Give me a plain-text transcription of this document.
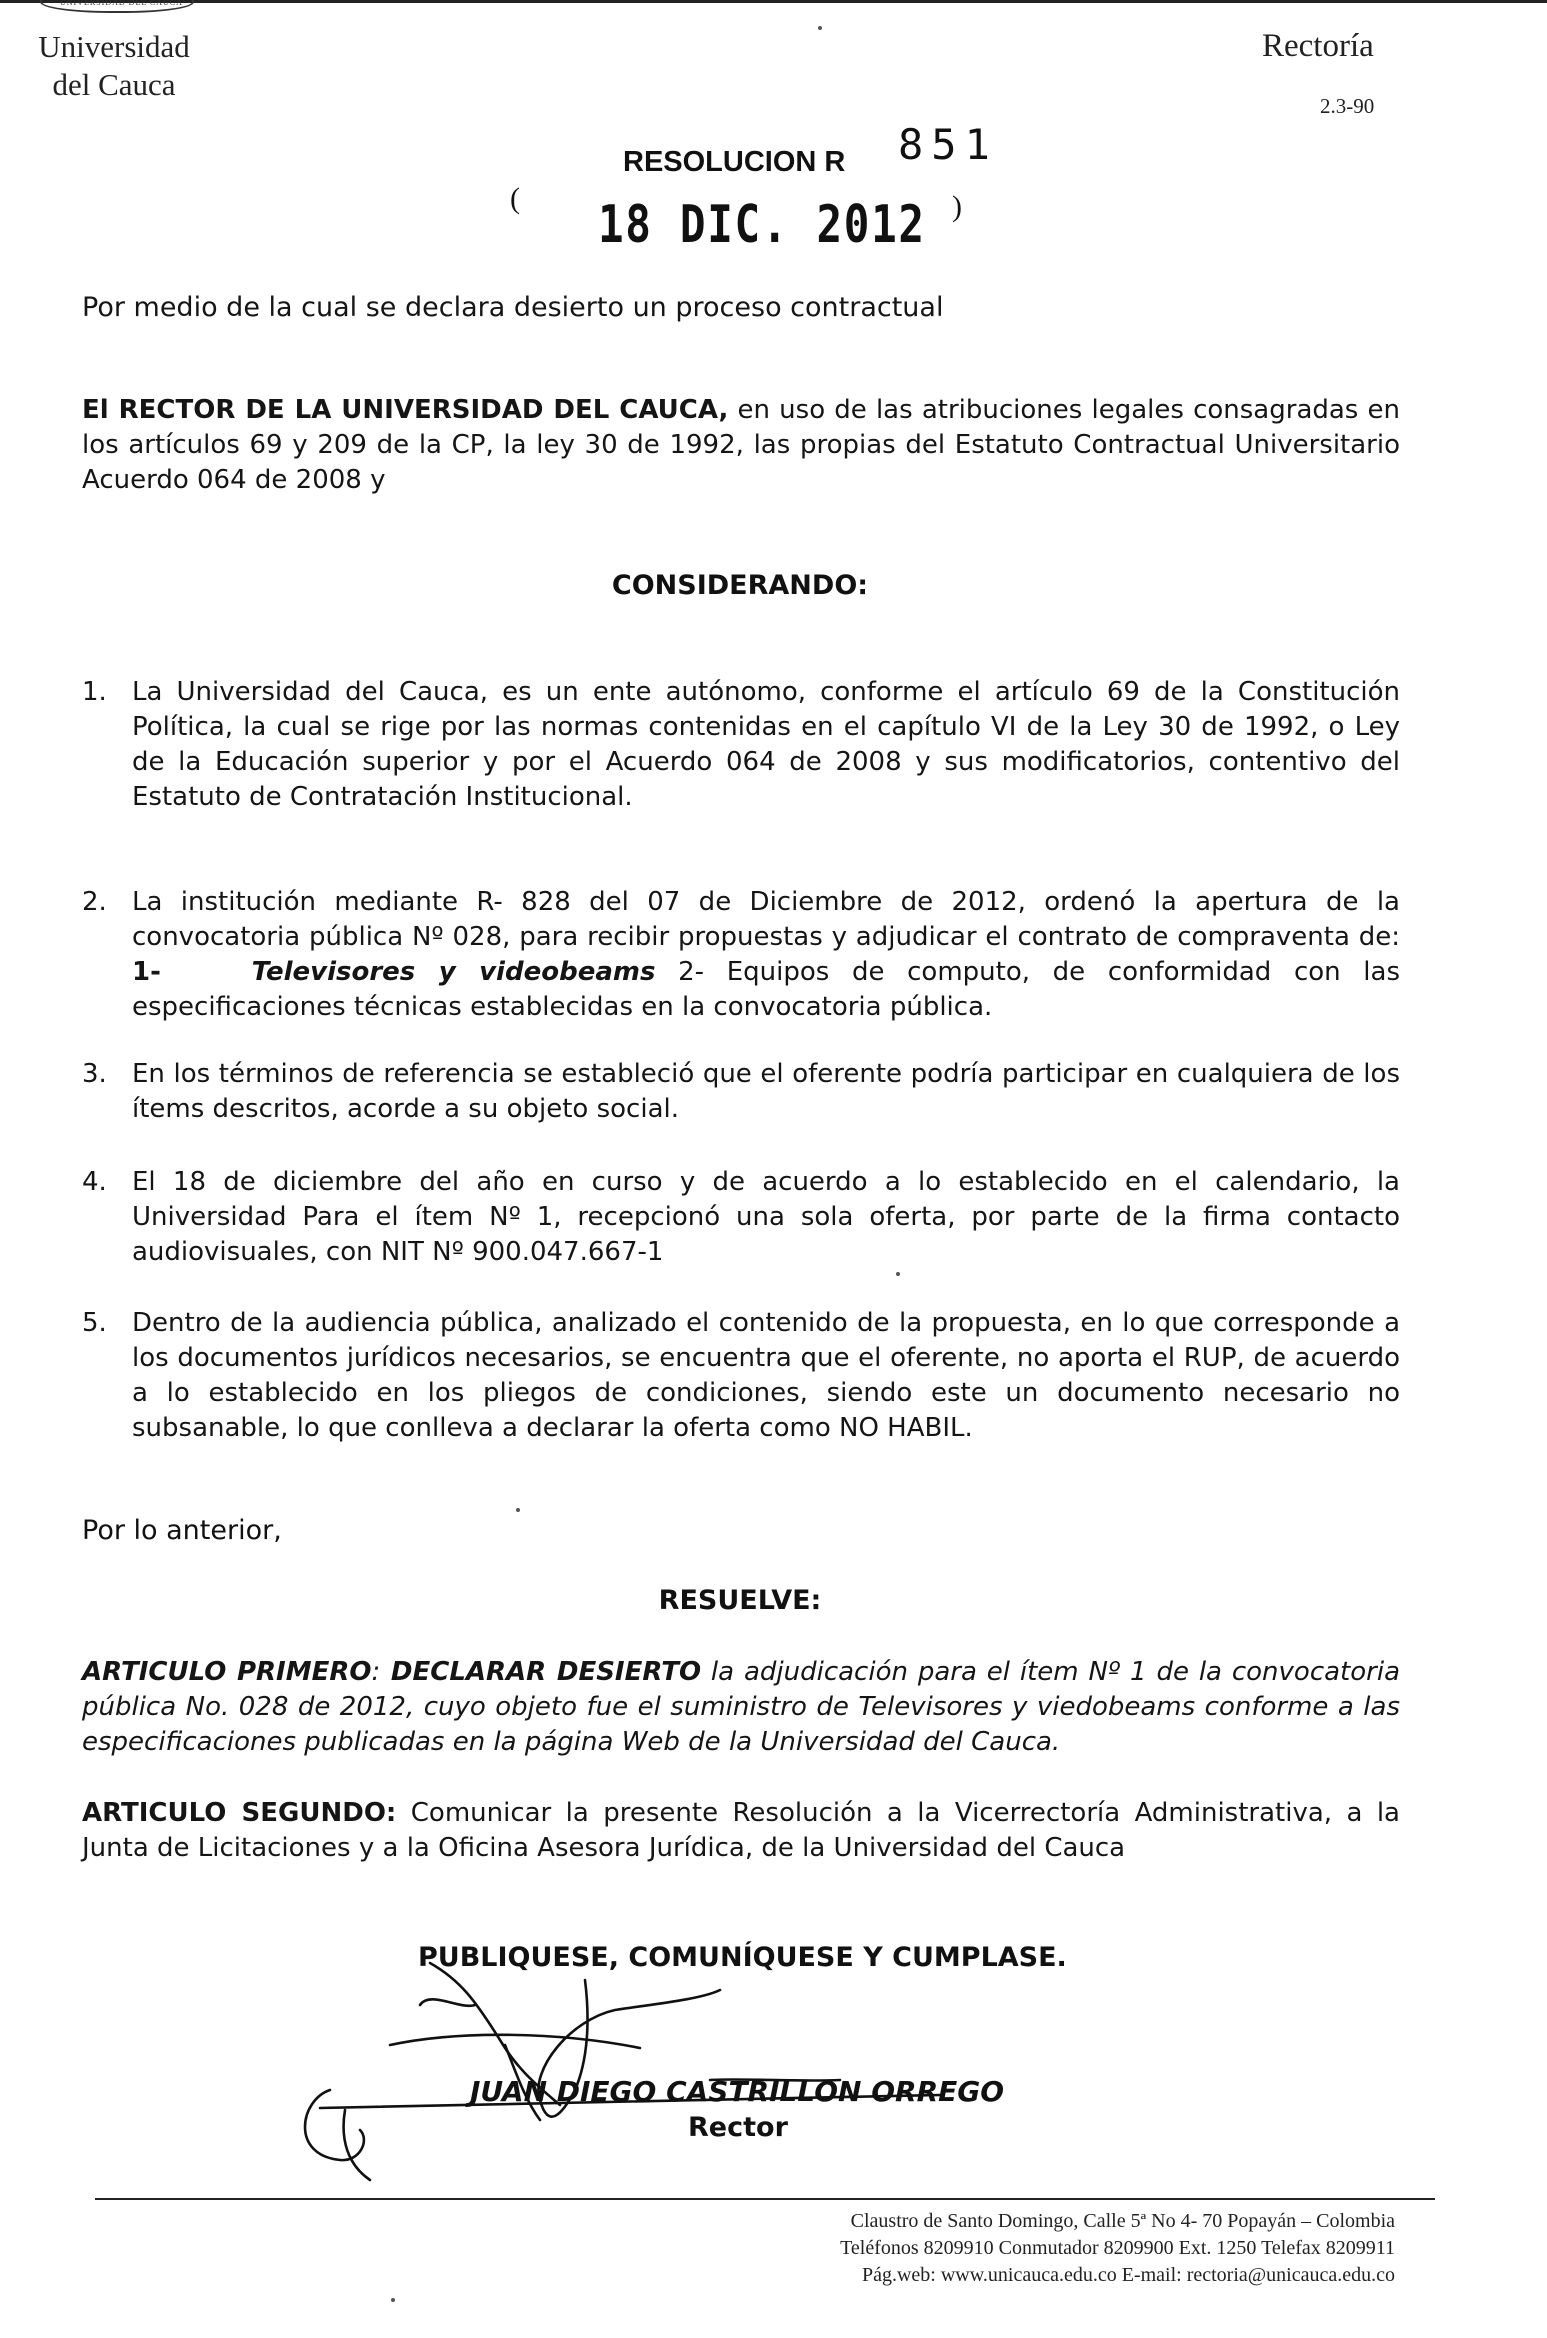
UNIVERSIDAD DEL CAUCA
Universidad
del Cauca
Rectoría
2.3-90
RESOLUCION R 851
( 18 DIC. 2012 )
Por medio de la cual se declara desierto un proceso contractual
El RECTOR DE LA UNIVERSIDAD DEL CAUCA, en uso de las atribuciones legales consagradas en los artículos 69 y 209 de la CP, la ley 30 de 1992, las propias del Estatuto Contractual Universitario Acuerdo 064 de 2008 y
CONSIDERANDO:
1. La Universidad del Cauca, es un ente autónomo, conforme el artículo 69 de la Constitución Política, la cual se rige por las normas contenidas en el capítulo VI de la Ley 30 de 1992, o Ley de la Educación superior y por el Acuerdo 064 de 2008 y sus modificatorios, contentivo del Estatuto de Contratación Institucional.
2. La institución mediante R- 828 del 07 de Diciembre de 2012, ordenó la apertura de la convocatoria pública Nº 028, para recibir propuestas y adjudicar el contrato de compraventa de: 1-	Televisores y videobeams 2- Equipos de computo, de conformidad con las especificaciones técnicas establecidas en la convocatoria pública.
3. En los términos de referencia se estableció que el oferente podría participar en cualquiera de los ítems descritos, acorde a su objeto social.
4. El 18 de diciembre del año en curso y de acuerdo a lo establecido en el calendario, la Universidad Para el ítem Nº 1, recepcionó una sola oferta, por parte de la firma contacto audiovisuales, con NIT Nº 900.047.667-1
5. Dentro de la audiencia pública, analizado el contenido de la propuesta, en lo que corresponde a los documentos jurídicos necesarios, se encuentra que el oferente, no aporta el RUP, de acuerdo a lo establecido en los pliegos de condiciones, siendo este un documento necesario no subsanable, lo que conlleva a declarar la oferta como NO HABIL.
Por lo anterior,
RESUELVE:
ARTICULO PRIMERO: DECLARAR DESIERTO la adjudicación para el ítem Nº 1 de la convocatoria pública No. 028 de 2012, cuyo objeto fue el suministro de Televisores y viedobeams conforme a las especificaciones publicadas en la página Web de la Universidad del Cauca.
ARTICULO SEGUNDO: Comunicar la presente Resolución a la Vicerrectoría Administrativa, a la Junta de Licitaciones y a la Oficina Asesora Jurídica, de la Universidad del Cauca
PUBLIQUESE, COMUNÍQUESE Y CUMPLASE.
JUAN DIEGO CASTRILLON ORREGO
Rector
Claustro de Santo Domingo, Calle 5ª No 4- 70 Popayán – Colombia
Teléfonos 8209910 Conmutador 8209900 Ext. 1250 Telefax 8209911
Pág.web: www.unicauca.edu.co E-mail: rectoria@unicauca.edu.co
